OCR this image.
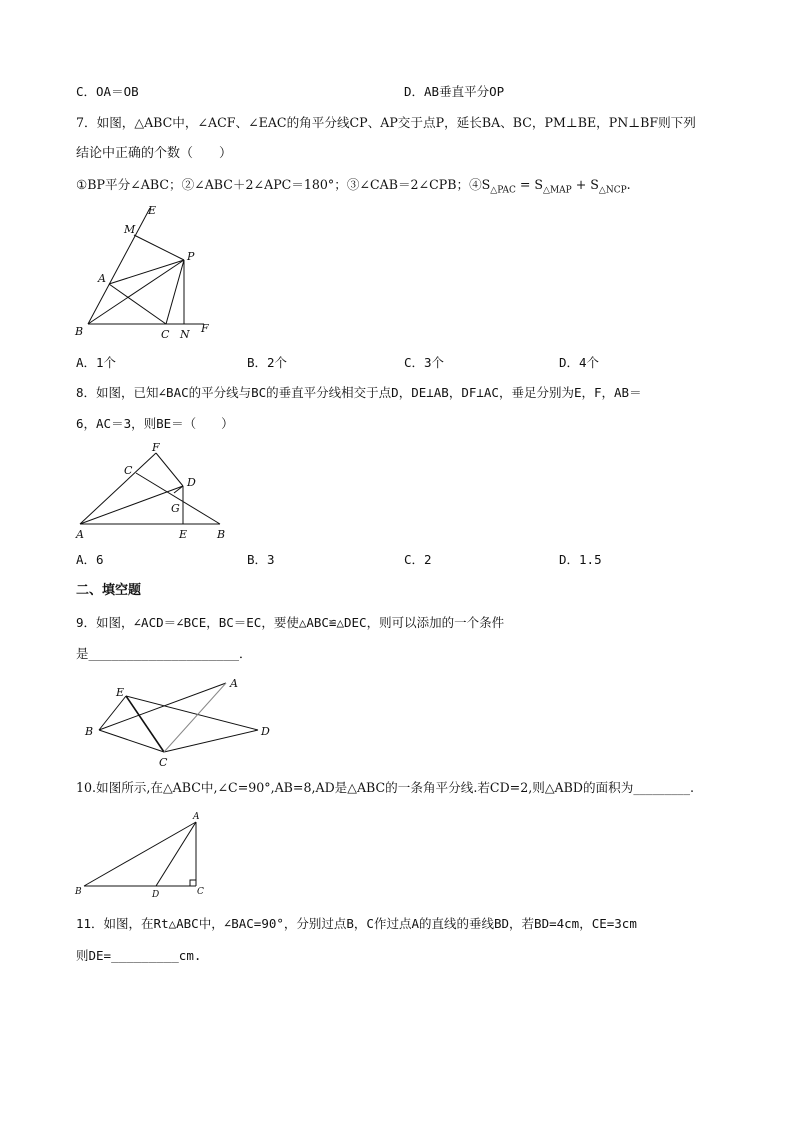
C．OA＝OB	D．AB垂直平分OP
7．如图，△ABC中，∠ACF、∠EAC的角平分线CP、AP交于点P，延长BA、BC，PM⊥BE，PN⊥BF则下列
结论中正确的个数（　　）
①BP平分∠ABC；②∠ABC＋2∠APC＝180°；③∠CAB＝2∠CPB；$④S_{\triangle PAC} = S_{\triangle MAP} + S_{\triangle NCP}$.
E
M
P
A
B	C N F
A．1个	B．2个	C．3个	D．4个
8．如图，已知∠BAC的平分线与BC的垂直平分线相交于点D，DE⊥AB，DF⊥AC，垂足分别为E，F，AB＝
6，AC＝3，则BE＝（　　）
F
C
D
G
A	E	B
A．6	B．3	C．2	D．1.5
二、填空题
9．如图，∠ACD＝∠BCE，BC＝EC，要使△ABC≌△DEC，则可以添加的一个条件
是____________________．
E
A
B	D
C
10.如图所示,在△ABC中,∠C=90°,AB=8,AD是△ABC的一条角平分线.若CD=2,则△ABD的面积为_________.
A
B	D	C
11．如图，在Rt△ABC中，∠BAC=90°，分别过点B，C作过点A的直线的垂线BD，若BD=4cm，CE=3cm
则DE=_________cm.
